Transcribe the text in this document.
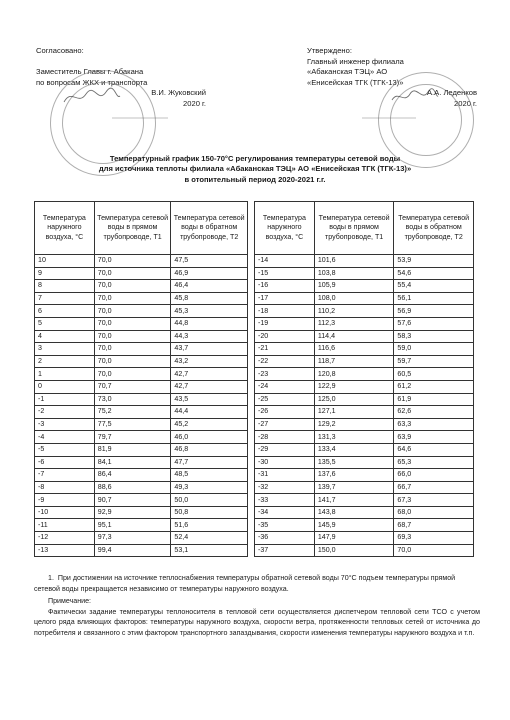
Согласовано:
Заместитель Главы г. Абакана
по вопросам ЖКХ и транспорта
В.И. Жуковский
2020 г.
Утверждено:
Главный инженер филиала
«Абаканская ТЭЦ» АО
«Енисейская ТГК (ТГК-13)»
А.А. Леденков
2020 г.
Температурный график 150-70°С регулирования температуры сетевой воды
для источника теплоты филиала «Абаканская ТЭЦ» АО «Енисейская ТГК (ТГК-13)»
в отопительный период 2020-2021 г.г.
Температура наружного воздуха, °С	Температура сетевой воды в прямом трубопроводе, Т1	Температура сетевой воды в обратном трубопроводе, Т2
10	70,0	47,5
9	70,0	46,9
8	70,0	46,4
7	70,0	45,8
6	70,0	45,3
5	70,0	44,8
4	70,0	44,3
3	70,0	43,7
2	70,0	43,2
1	70,0	42,7
0	70,7	42,7
-1	73,0	43,5
-2	75,2	44,4
-3	77,5	45,2
-4	79,7	46,0
-5	81,9	46,8
-6	84,1	47,7
-7	86,4	48,5
-8	88,6	49,3
-9	90,7	50,0
-10	92,9	50,8
-11	95,1	51,6
-12	97,3	52,4
-13	99,4	53,1
Температура наружного воздуха, °С	Температура сетевой воды в прямом трубопроводе, Т1	Температура сетевой воды в обратном трубопроводе, Т2
-14	101,6	53,9
-15	103,8	54,6
-16	105,9	55,4
-17	108,0	56,1
-18	110,2	56,9
-19	112,3	57,6
-20	114,4	58,3
-21	116,6	59,0
-22	118,7	59,7
-23	120,8	60,5
-24	122,9	61,2
-25	125,0	61,9
-26	127,1	62,6
-27	129,2	63,3
-28	131,3	63,9
-29	133,4	64,6
-30	135,5	65,3
-31	137,6	66,0
-32	139,7	66,7
-33	141,7	67,3
-34	143,8	68,0
-35	145,9	68,7
-36	147,9	69,3
-37	150,0	70,0
1. При достижении на источнике теплоснабжения температуры обратной сетевой воды 70°С подъем температуры прямой сетевой воды прекращается независимо от температуры наружного воздуха.
Примечание:
Фактически задание температуры теплоносителя в тепловой сети осуществляется диспетчером тепловой сети ТСО с учетом целого ряда влияющих факторов: температуры наружного воздуха, скорости ветра, протяженности тепловых сетей от источника до потребителя и связанного с этим фактором транспортного запаздывания, скорости изменения температуры наружного воздуха и т.п.
